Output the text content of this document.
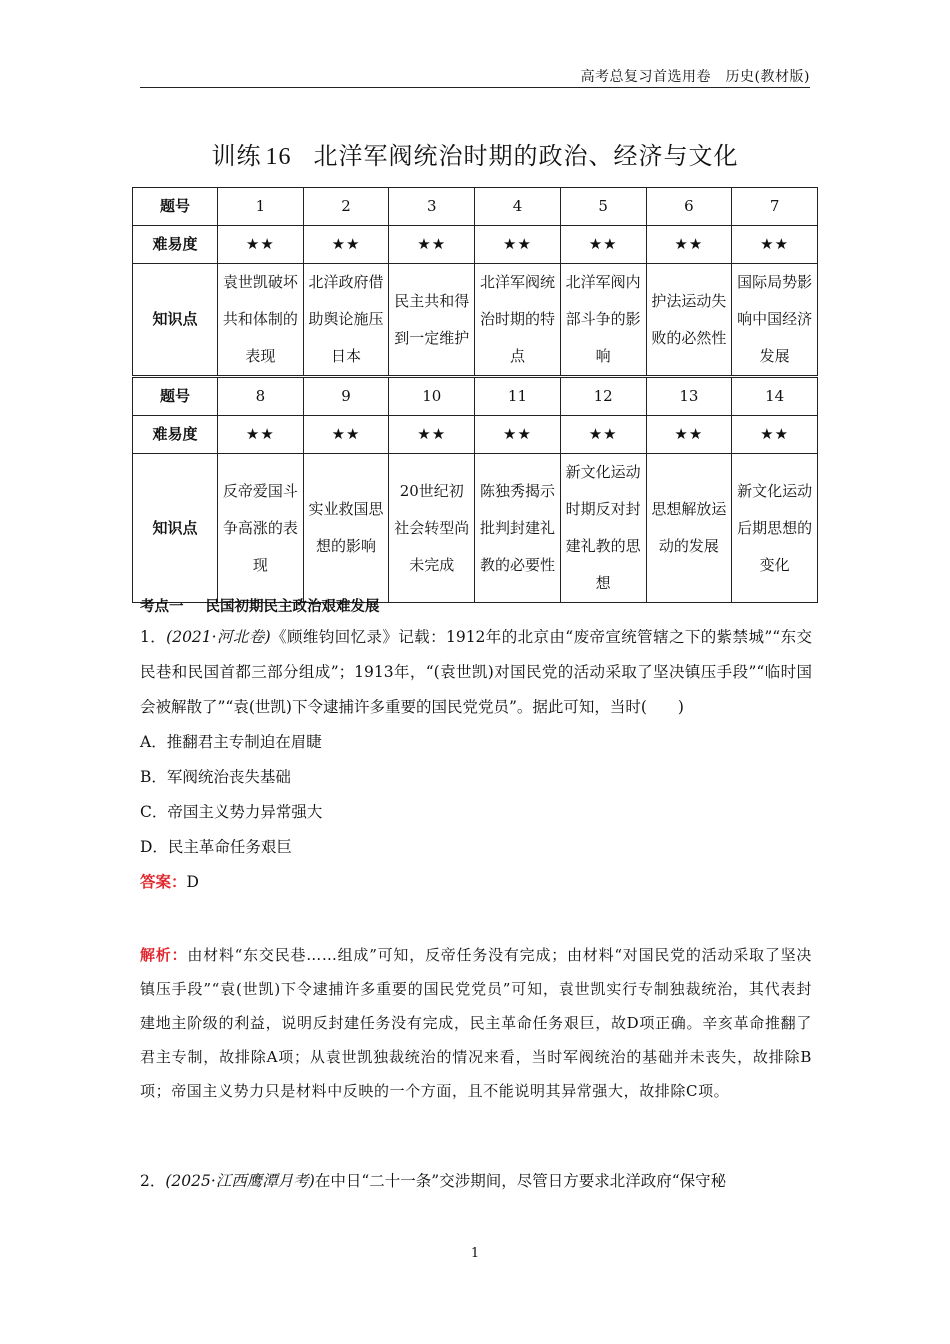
高考总复习首选用卷　历史(教材版)
训练 16 北洋军阀统治时期的政治、经济与文化
题号	1	2	3	4	5	6	7
难易度	★★	★★	★★	★★	★★	★★	★★
知识点	袁世凯破坏共和体制的表现	北洋政府借助舆论施压日本	民主共和得到一定维护	北洋军阀统治时期的特点	北洋军阀内部斗争的影响	护法运动失败的必然性	国际局势影响中国经济发展

题号	8	9	10	11	12	13	14
难易度	★★	★★	★★	★★	★★	★★	★★
知识点	反帝爱国斗争高涨的表现	实业救国思想的影响	20世纪初社会转型尚未完成	陈独秀揭示批判封建礼教的必要性	新文化运动时期反对封建礼教的思想	思想解放运动的发展	新文化运动后期思想的变化
考点一 民国初期民主政治艰难发展
1．(2021·河北卷)《顾维钧回忆录》记载：1912年的北京由“废帝宣统管辖之下的紫禁城”“东交民巷和民国首都三部分组成”；1913年，“(袁世凯)对国民党的活动采取了坚决镇压手段”“临时国会被解散了”“袁(世凯)下令逮捕许多重要的国民党党员”。据此可知，当时(　　)
A．推翻君主专制迫在眉睫
B．军阀统治丧失基础
C．帝国主义势力异常强大
D．民主革命任务艰巨
答案：D
解析：由材料“东交民巷……组成”可知，反帝任务没有完成；由材料“对国民党的活动采取了坚决镇压手段”“袁(世凯)下令逮捕许多重要的国民党党员”可知，袁世凯实行专制独裁统治，其代表封建地主阶级的利益，说明反封建任务没有完成，民主革命任务艰巨，故D项正确。辛亥革命推翻了君主专制，故排除A项；从袁世凯独裁统治的情况来看，当时军阀统治的基础并未丧失，故排除B项；帝国主义势力只是材料中反映的一个方面，且不能说明其异常强大，故排除C项。
2．(2025·江西鹰潭月考)在中日“二十一条”交涉期间，尽管日方要求北洋政府“保守秘
1
